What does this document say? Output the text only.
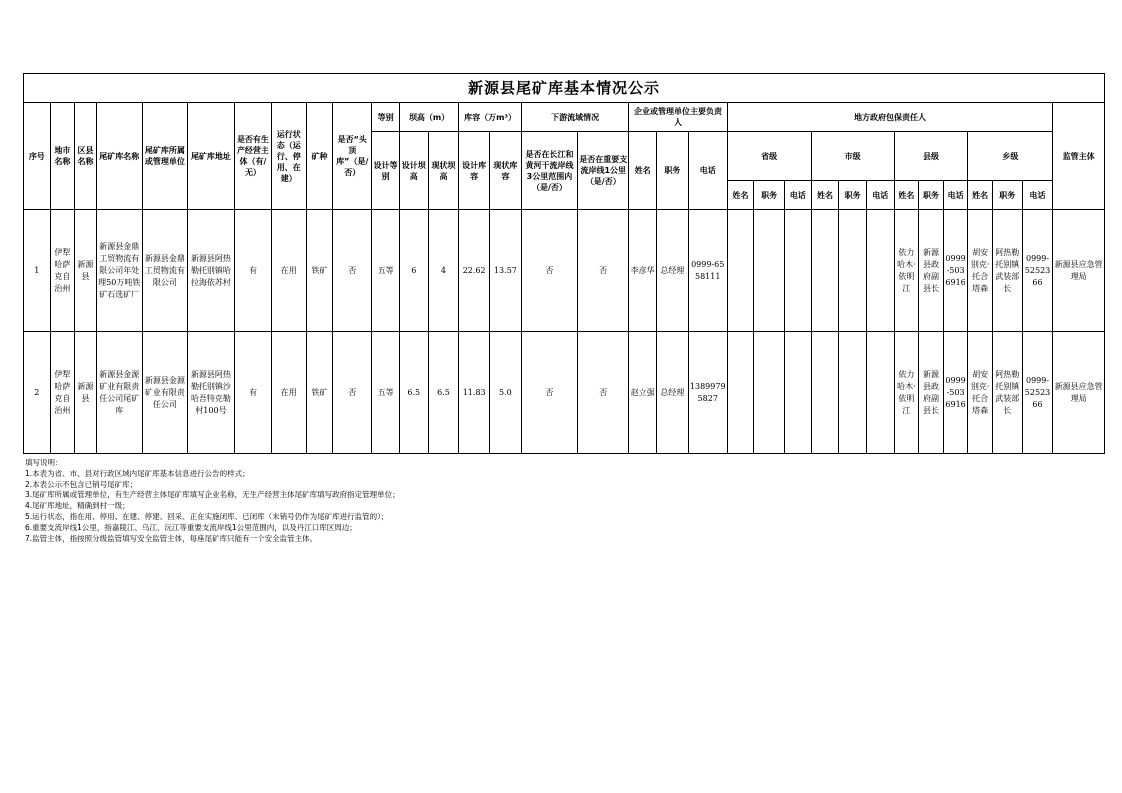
新源县尾矿库基本情况公示																																
序号	地市名称	区县名称	尾矿库名称	尾矿库所属或管理单位	尾矿库地址	是否有生产经营主体（有/无）	运行状态（运行、停用、在建）	矿种	是否“头顶库”（是/否）	等别	坝高（m）		库容（万m³）		下游流域情况		企业或管理单位主要负责人			地方政府包保责任人												监管主体
										设计等别	设计坝高	现状坝高	设计库容	现状库容	是否在长江和黄河干流岸线3公里范围内（是/否）	是否在重要支流岸线1公里（是/否）	姓名	职务	电话	省级			市级			县级			乡级			
																				姓名	职务	电话	姓名	职务	电话	姓名	职务	电话	姓名	职务	电话	
1	伊犁哈萨克自治州	新源县	新源县金鼎工贸物流有限公司年处理50万吨铁矿石选矿厂	新源县金鼎工贸物流有限公司	新源县阿热勒托别镇哈拉海依苏村	有	在用	铁矿	否	五等	6	4	22.62	13.57	否	否	李彦华	总经理	0999-6558111							依力哈木·依明江	新源县政府副县长	0999-5036916	胡安别克·托合塔森	阿热勒托别镇武装部长	0999-5252366	新源县应急管理局
2	伊犁哈萨克自治州	新源县	新源县金源矿业有限责任公司尾矿库	新源县金源矿业有限责任公司	新源县阿热勒托别镇沙哈吾特克勒村100号	有	在用	铁矿	否	五等	6.5	6.5	11.83	5.0	否	否	赵立强	总经理	13899795827							依力哈木·依明江	新源县政府副县长	0999-5036916	胡安别克·托合塔森	阿热勒托别镇武装部长	0999-5252366	新源县应急管理局
填写说明：
1.本表为省、市、县对行政区域内尾矿库基本信息进行公告的样式；
2.本表公示不包含已销号尾矿库；
3.尾矿库所属或管理单位，有生产经营主体尾矿库填写企业名称，无生产经营主体尾矿库填写政府指定管理单位；
4.尾矿库地址，精确到村一级；
5.运行状态，指在用、停用、在建、停建、回采、正在实施闭库、已闭库（未销号仍作为尾矿库进行监管的）；
6.重要支流岸线1公里，指嘉陵江、乌江、沅江等重要支流岸线1公里范围内，以及丹江口库区周边；
7.监管主体，指按照分级监管填写安全监管主体，每座尾矿库只能有一个安全监管主体。
